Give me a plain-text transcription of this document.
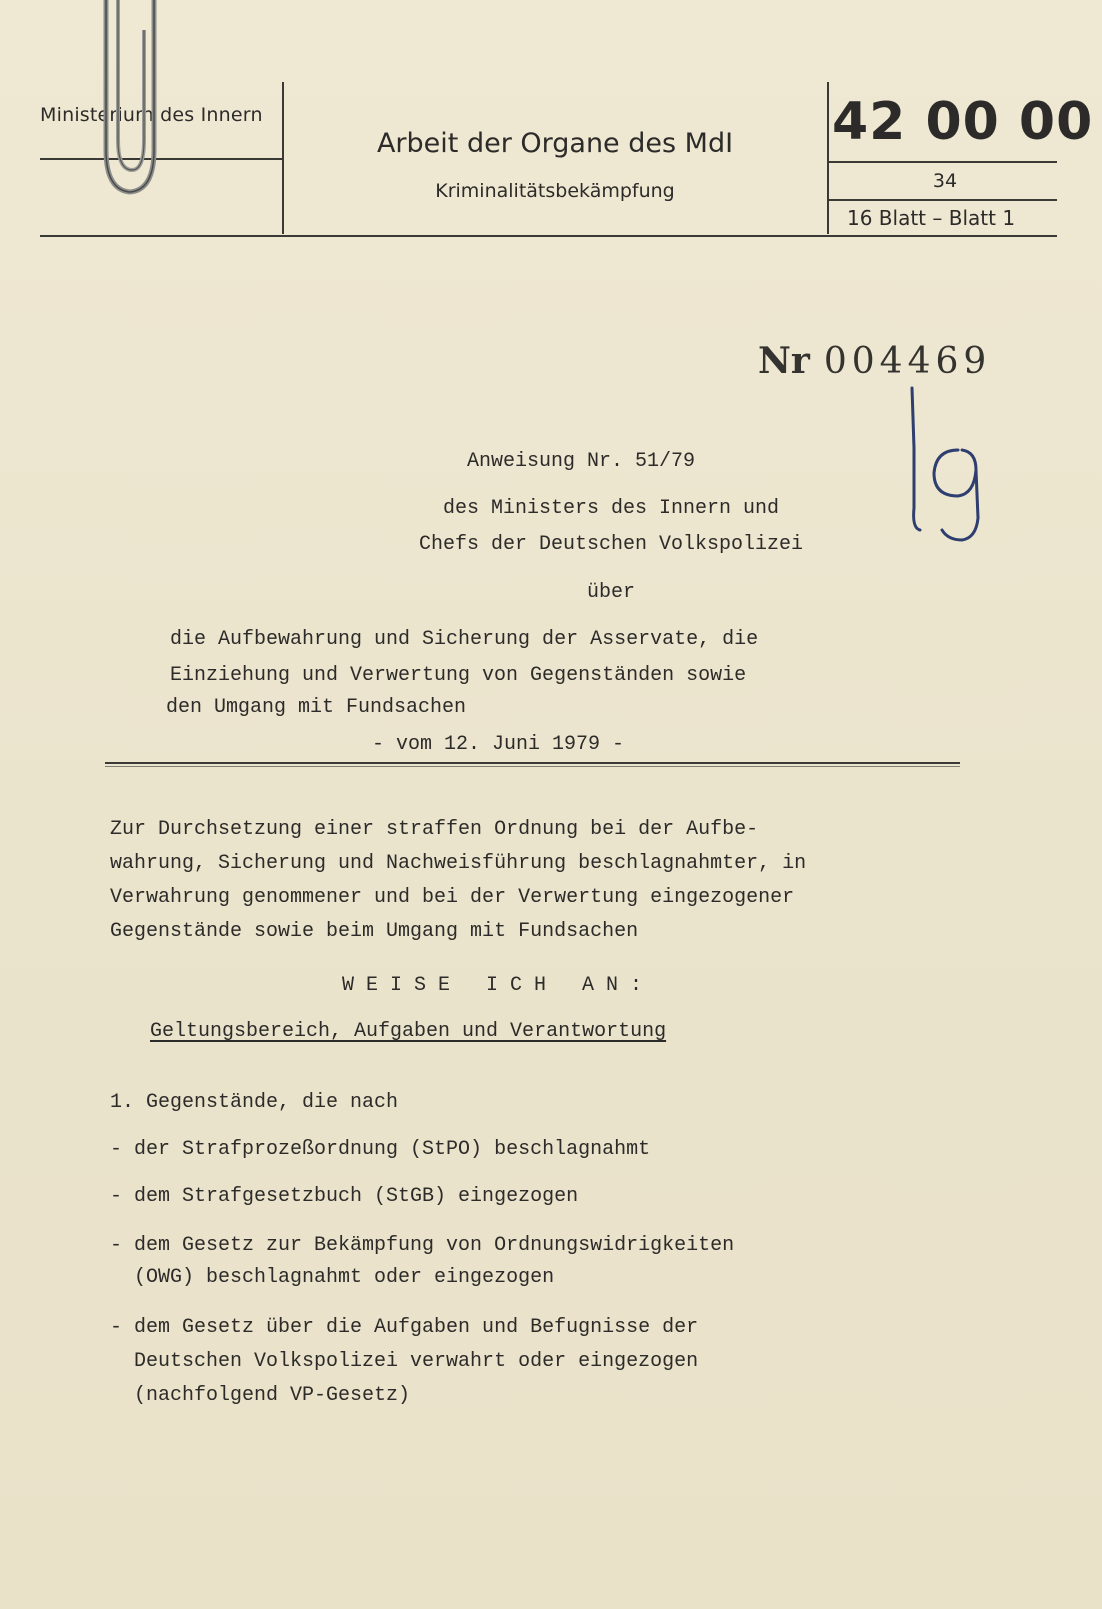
Ministerium des Innern
Arbeit der Organe des MdI
Kriminalitätsbekämpfung
42 00 00
34
16 Blatt – Blatt 1
Nr 004469
Anweisung Nr. 51/79
des Ministers des Innern und
Chefs der Deutschen Volkspolizei
über
die Aufbewahrung und Sicherung der Asservate, die
Einziehung und Verwertung von Gegenständen sowie
den Umgang mit Fundsachen
- vom 12. Juni 1979 -
Zur Durchsetzung einer straffen Ordnung bei der Aufbe-
wahrung, Sicherung und Nachweisführung beschlagnahmter, in
Verwahrung genommener und bei der Verwertung eingezogener
Gegenstände sowie beim Umgang mit Fundsachen
W E I S E   I C H   A N :
Geltungsbereich, Aufgaben und Verantwortung
1. Gegenstände, die nach
- der Strafprozeßordnung (StPO) beschlagnahmt
- dem Strafgesetzbuch (StGB) eingezogen
- dem Gesetz zur Bekämpfung von Ordnungswidrigkeiten
(OWG) beschlagnahmt oder eingezogen
- dem Gesetz über die Aufgaben und Befugnisse der
Deutschen Volkspolizei verwahrt oder eingezogen
(nachfolgend VP-Gesetz)
